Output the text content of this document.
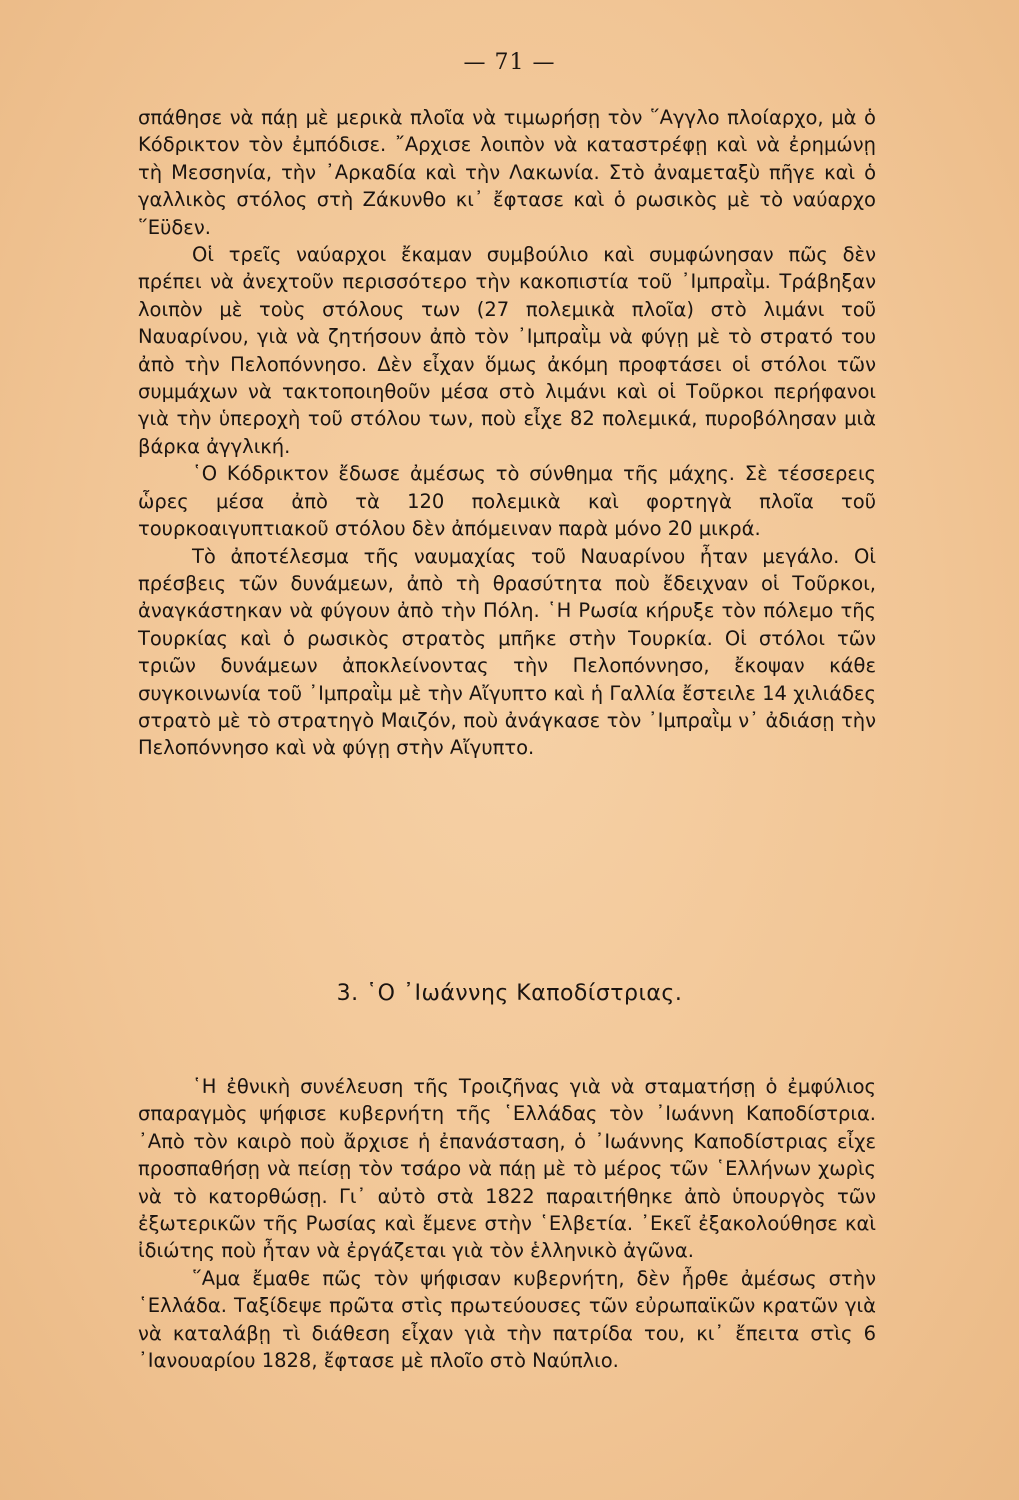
— 71 —

σπάθησε νὰ πάῃ μὲ μερικὰ πλοῖα νὰ τιμωρήσῃ τὸν ῞Αγγλο πλοίαρχο, μὰ ὁ Κόδρικτον τὸν ἐμπόδισε. ῎Αρχισε λοιπὸν νὰ καταστρέφῃ καὶ νὰ ἐρημώνῃ τὴ Μεσσηνία, τὴν ᾿Αρκαδία καὶ τὴν Λακωνία. Στὸ ἀναμεταξὺ πῆγε καὶ ὁ γαλλικὸς στόλος στὴ Ζάκυνθο κι᾿ ἔφτασε καὶ ὁ ρωσικὸς μὲ τὸ ναύαρχο ῞Εϋδεν.

Οἱ τρεῖς ναύαρχοι ἔκαμαν συμβούλιο καὶ συμφώνησαν πῶς δὲν πρέπει νὰ ἀνεχτοῦν περισσότερο τὴν κακοπιστία τοῦ ᾿Ιμπραῒμ. Τράβηξαν λοιπὸν μὲ τοὺς στόλους των (27 πολεμικὰ πλοῖα) στὸ λιμάνι τοῦ Ναυαρίνου, γιὰ νὰ ζητήσουν ἀπὸ τὸν ᾿Ιμπραῒμ νὰ φύγῃ μὲ τὸ στρατό του ἀπὸ τὴν Πελοπόννησο. Δὲν εἶχαν ὅμως ἀκόμη προφτάσει οἱ στόλοι τῶν συμμάχων νὰ τακτοποιηθοῦν μέσα στὸ λιμάνι καὶ οἱ Τοῦρκοι περήφανοι γιὰ τὴν ὑπεροχὴ τοῦ στόλου των, ποὺ εἶχε 82 πολεμικά, πυροβόλησαν μιὰ βάρκα ἀγγλική.

῾Ο Κόδρικτον ἔδωσε ἀμέσως τὸ σύνθημα τῆς μάχης. Σὲ τέσσερεις ὧρες μέσα ἀπὸ τὰ 120 πολεμικὰ καὶ φορτηγὰ πλοῖα τοῦ τουρκοαιγυπτιακοῦ στόλου δὲν ἀπόμειναν παρὰ μόνο 20 μικρά.

Τὸ ἀποτέλεσμα τῆς ναυμαχίας τοῦ Ναυαρίνου ἦταν μεγάλο. Οἱ πρέσβεις τῶν δυνάμεων, ἀπὸ τὴ θρασύτητα ποὺ ἔδειχναν οἱ Τοῦρκοι, ἀναγκάστηκαν νὰ φύγουν ἀπὸ τὴν Πόλη. ῾Η Ρωσία κήρυξε τὸν πόλεμο τῆς Τουρκίας καὶ ὁ ρωσικὸς στρατὸς μπῆκε στὴν Τουρκία. Οἱ στόλοι τῶν τριῶν δυνάμεων ἀποκλείνοντας τὴν Πελοπόννησο, ἔκοψαν κάθε συγκοινωνία τοῦ ᾿Ιμπραῒμ μὲ τὴν Αἴγυπτο καὶ ἡ Γαλλία ἔστειλε 14 χιλιάδες στρατὸ μὲ τὸ στρατηγὸ Μαιζόν, ποὺ ἀνάγκασε τὸν ᾿Ιμπραῒμ ν᾿ ἀδιάσῃ τὴν Πελοπόννησο καὶ νὰ φύγῃ στὴν Αἴγυπτο.

3. ῾Ο ᾿Ιωάννης Καποδίστριας.

῾Η ἐθνικὴ συνέλευση τῆς Τροιζῆνας γιὰ νὰ σταματήσῃ ὁ ἐμφύλιος σπαραγμὸς ψήφισε κυβερνήτη τῆς ῾Ελλάδας τὸν ᾿Ιωάννη Καποδίστρια. ᾿Απὸ τὸν καιρὸ ποὺ ἄρχισε ἡ ἐπανάσταση, ὁ ᾿Ιωάννης Καποδίστριας εἶχε προσπαθήσῃ νὰ πείσῃ τὸν τσάρο νὰ πάῃ μὲ τὸ μέρος τῶν ῾Ελλήνων χωρὶς νὰ τὸ κατορθώσῃ. Γι᾿ αὐτὸ στὰ 1822 παραιτήθηκε ἀπὸ ὑπουργὸς τῶν ἐξωτερικῶν τῆς Ρωσίας καὶ ἔμενε στὴν ῾Ελβετία. ᾿Εκεῖ ἐξακολούθησε καὶ ἰδιώτης ποὺ ἦταν νὰ ἐργάζεται γιὰ τὸν ἑλληνικὸ ἀγῶνα.

῞Αμα ἔμαθε πῶς τὸν ψήφισαν κυβερνήτη, δὲν ἦρθε ἀμέσως στὴν ῾Ελλάδα. Ταξίδεψε πρῶτα στὶς πρωτεύουσες τῶν εὐρωπαϊκῶν κρατῶν γιὰ νὰ καταλάβῃ τὶ διάθεση εἶχαν γιὰ τὴν πατρίδα του, κι᾿ ἔπειτα στὶς 6 ᾿Ιανουαρίου 1828, ἔφτασε μὲ πλοῖο στὸ Ναύπλιο.
